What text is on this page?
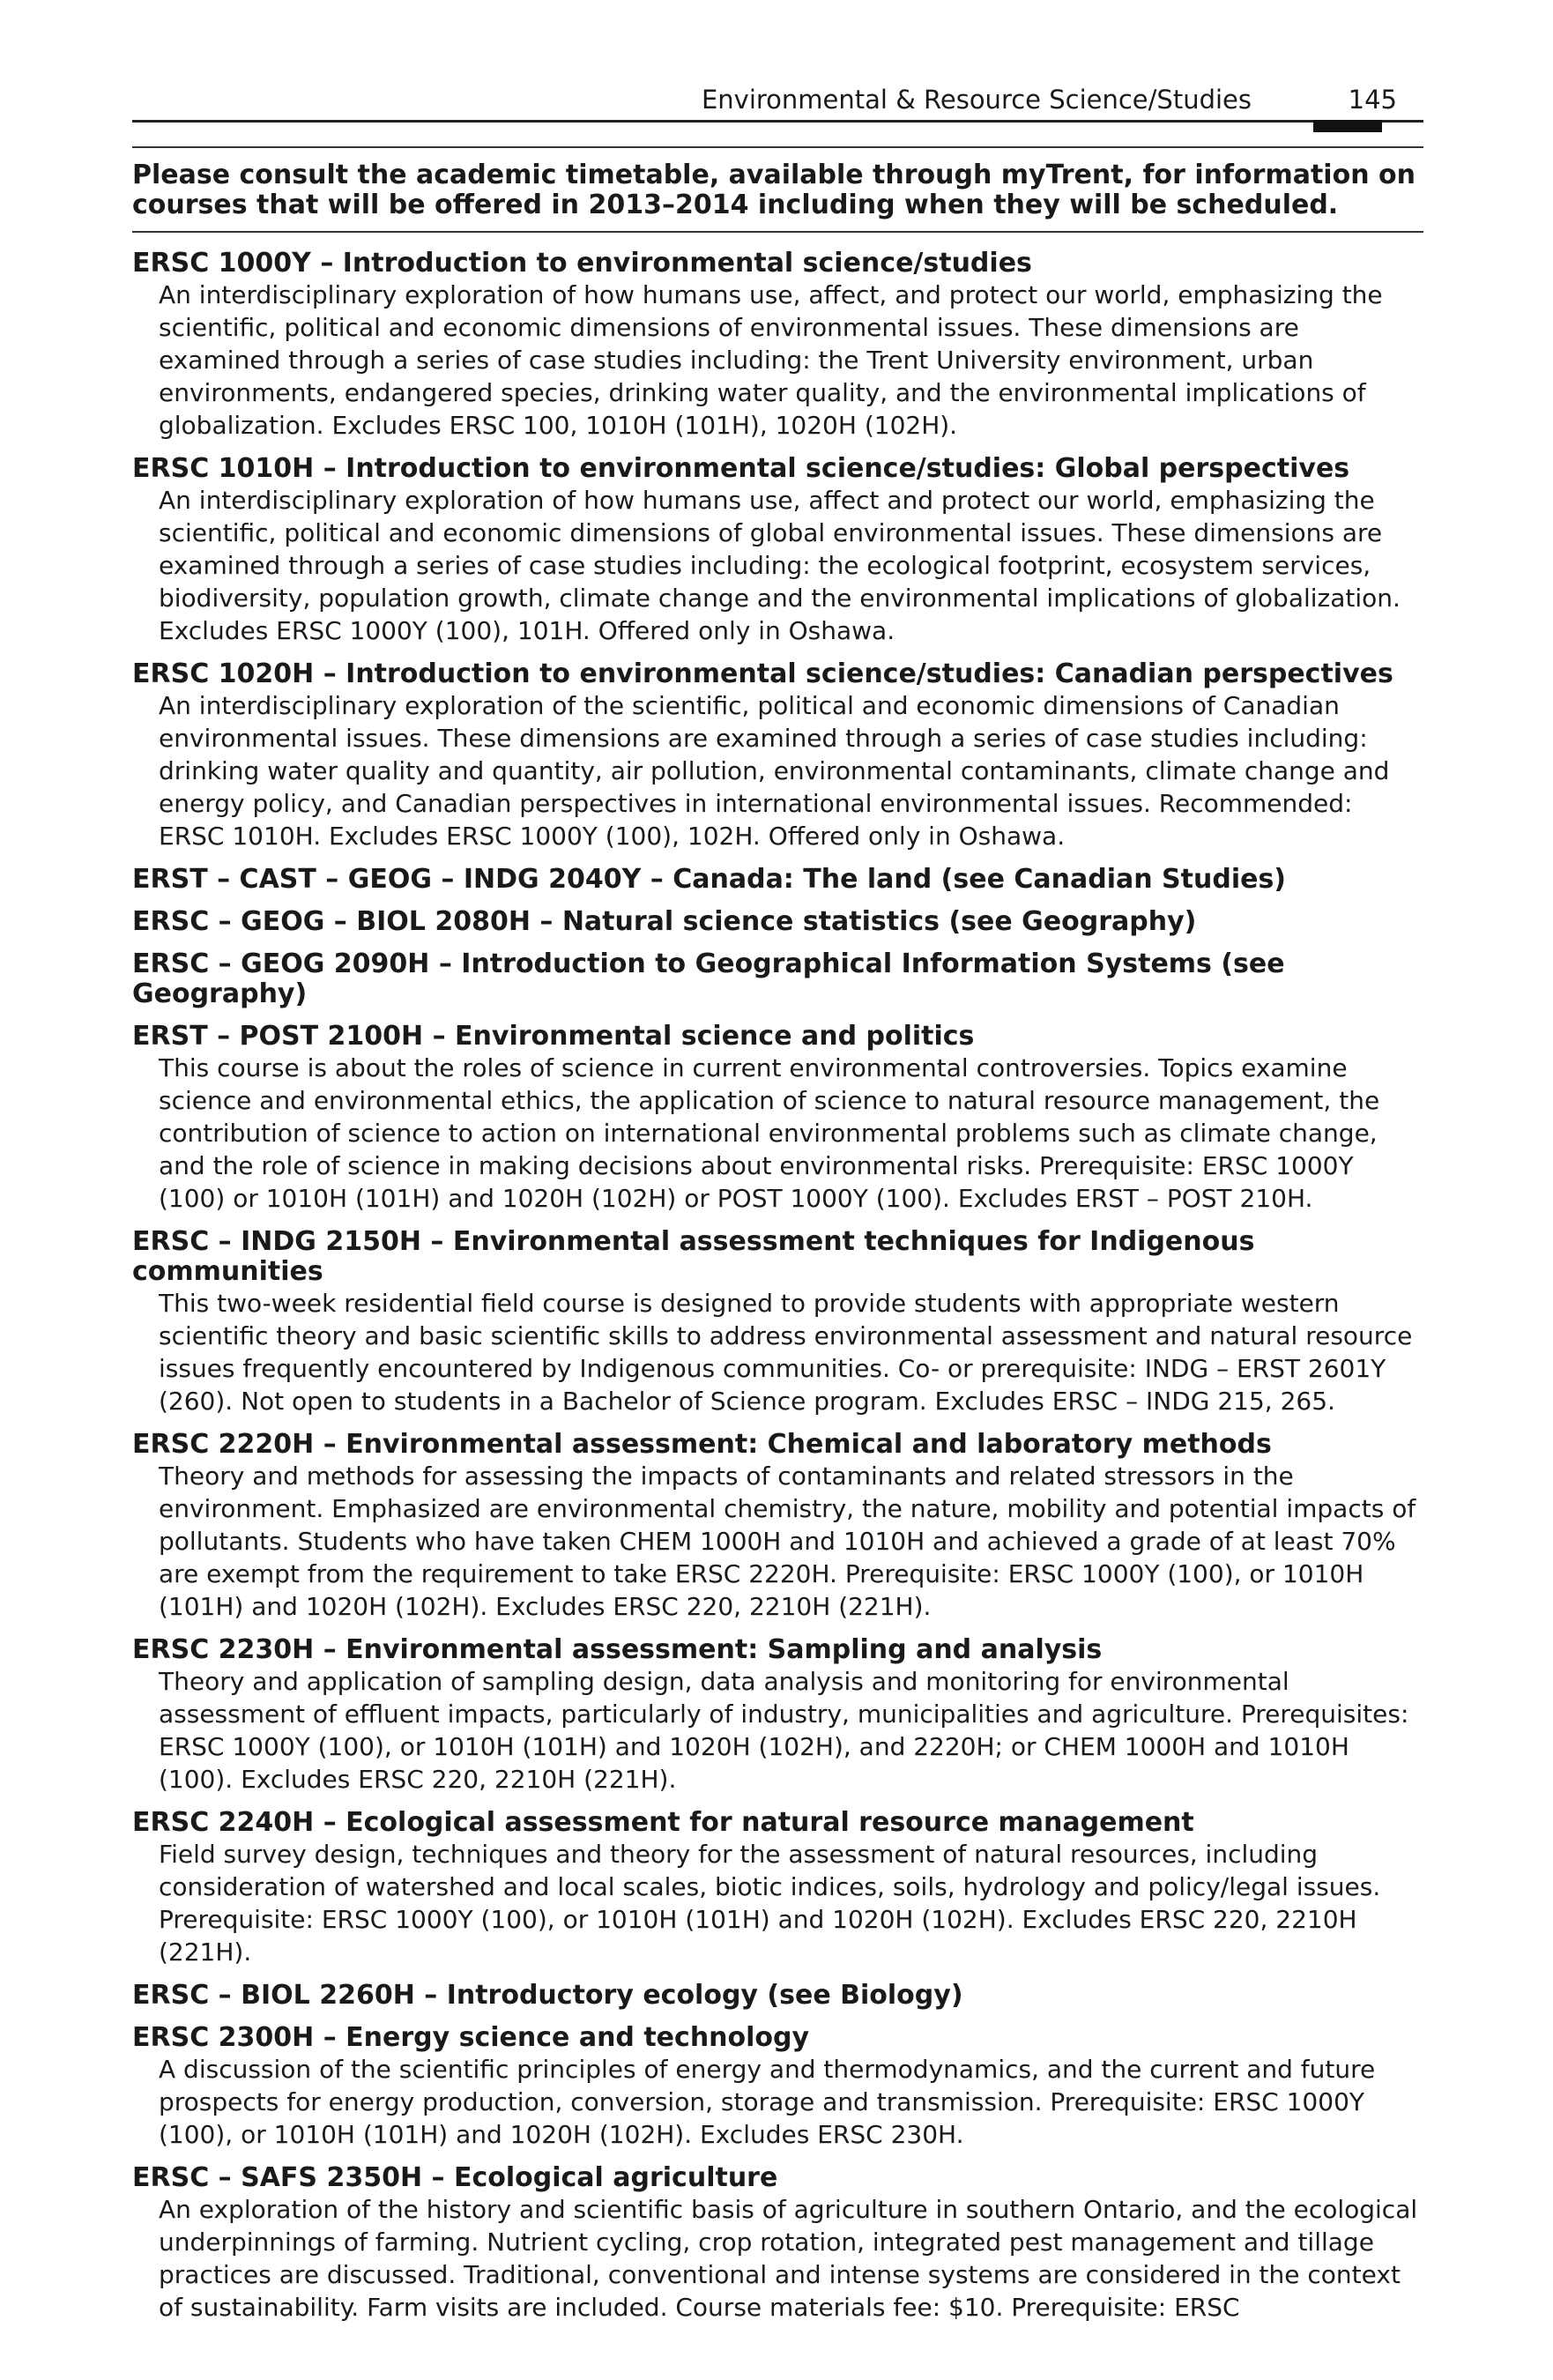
Environmental & Resource Science/Studies	145
Please consult the academic timetable, available through myTrent, for information on courses that will be offered in 2013–2014 including when they will be scheduled.
ERSC 1000Y – Introduction to environmental science/studies
An interdisciplinary exploration of how humans use, affect, and protect our world, emphasizing the scientific, political and economic dimensions of environmental issues. These dimensions are examined through a series of case studies including: the Trent University environment, urban environments, endangered species, drinking water quality, and the environmental implications of globalization. Excludes ERSC 100, 1010H (101H), 1020H (102H).
ERSC 1010H – Introduction to environmental science/studies: Global perspectives
An interdisciplinary exploration of how humans use, affect and protect our world, emphasizing the scientific, political and economic dimensions of global environmental issues. These dimensions are examined through a series of case studies including: the ecological footprint, ecosystem services, biodiversity, population growth, climate change and the environmental implications of globalization. Excludes ERSC 1000Y (100), 101H. Offered only in Oshawa.
ERSC 1020H – Introduction to environmental science/studies: Canadian perspectives
An interdisciplinary exploration of the scientific, political and economic dimensions of Canadian environmental issues. These dimensions are examined through a series of case studies including: drinking water quality and quantity, air pollution, environmental contaminants, climate change and energy policy, and Canadian perspectives in international environmental issues. Recommended: ERSC 1010H. Excludes ERSC 1000Y (100), 102H. Offered only in Oshawa.
ERST – CAST – GEOG – INDG 2040Y – Canada: The land (see Canadian Studies)
ERSC – GEOG – BIOL 2080H – Natural science statistics (see Geography)
ERSC – GEOG 2090H – Introduction to Geographical Information Systems (see Geography)
ERST – POST 2100H – Environmental science and politics
This course is about the roles of science in current environmental controversies. Topics examine science and environmental ethics, the application of science to natural resource management, the contribution of science to action on international environmental problems such as climate change, and the role of science in making decisions about environmental risks. Prerequisite: ERSC 1000Y (100) or 1010H (101H) and 1020H (102H) or POST 1000Y (100). Excludes ERST – POST 210H.
ERSC – INDG 2150H – Environmental assessment techniques for Indigenous communities
This two-week residential field course is designed to provide students with appropriate western scientific theory and basic scientific skills to address environmental assessment and natural resource issues frequently encountered by Indigenous communities. Co- or prerequisite: INDG – ERST 2601Y (260). Not open to students in a Bachelor of Science program. Excludes ERSC – INDG 215, 265.
ERSC 2220H – Environmental assessment: Chemical and laboratory methods
Theory and methods for assessing the impacts of contaminants and related stressors in the environment. Emphasized are environmental chemistry, the nature, mobility and potential impacts of pollutants. Students who have taken CHEM 1000H and 1010H and achieved a grade of at least 70% are exempt from the requirement to take ERSC 2220H. Prerequisite: ERSC 1000Y (100), or 1010H (101H) and 1020H (102H). Excludes ERSC 220, 2210H (221H).
ERSC 2230H – Environmental assessment: Sampling and analysis
Theory and application of sampling design, data analysis and monitoring for environmental assessment of effluent impacts, particularly of industry, municipalities and agriculture. Prerequisites: ERSC 1000Y (100), or 1010H (101H) and 1020H (102H), and 2220H; or CHEM 1000H and 1010H (100). Excludes ERSC 220, 2210H (221H).
ERSC 2240H – Ecological assessment for natural resource management
Field survey design, techniques and theory for the assessment of natural resources, including consideration of watershed and local scales, biotic indices, soils, hydrology and policy/legal issues. Prerequisite: ERSC 1000Y (100), or 1010H (101H) and 1020H (102H). Excludes ERSC 220, 2210H (221H).
ERSC – BIOL 2260H – Introductory ecology (see Biology)
ERSC 2300H – Energy science and technology
A discussion of the scientific principles of energy and thermodynamics, and the current and future prospects for energy production, conversion, storage and transmission. Prerequisite: ERSC 1000Y (100), or 1010H (101H) and 1020H (102H). Excludes ERSC 230H.
ERSC – SAFS 2350H – Ecological agriculture
An exploration of the history and scientific basis of agriculture in southern Ontario, and the ecological underpinnings of farming. Nutrient cycling, crop rotation, integrated pest management and tillage practices are discussed. Traditional, conventional and intense systems are considered in the context of sustainability. Farm visits are included. Course materials fee: $10. Prerequisite: ERSC
